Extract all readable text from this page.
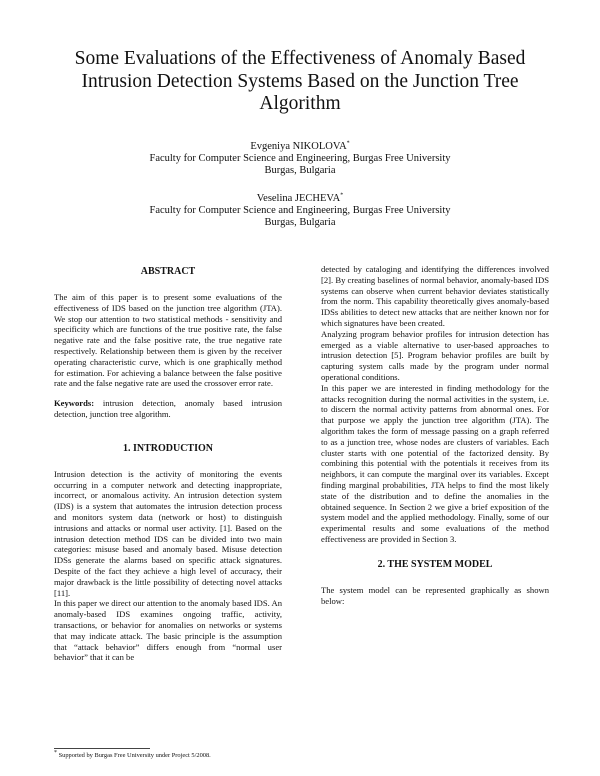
Some Evaluations of the Effectiveness of Anomaly Based Intrusion Detection Systems Based on the Junction Tree Algorithm
Evgeniya NIKOLOVA*
Faculty for Computer Science and Engineering, Burgas Free University
Burgas, Bulgaria
Veselina JECHEVA*
Faculty for Computer Science and Engineering, Burgas Free University
Burgas, Bulgaria
ABSTRACT

The aim of this paper is to present some evaluations of the effectiveness of IDS based on the junction tree algorithm (JTA). We stop our attention to two statistical methods - sensitivity and specificity which are functions of the true positive rate, the false negative rate and the false positive rate, the true negative rate respectively. Relationship between them is given by the receiver operating characteristic curve, which is one graphically method for estimation. For achieving a balance between the false positive rate and the false negative rate are used the crossover error rate.

Keywords: intrusion detection, anomaly based intrusion detection, junction tree algorithm.

1. INTRODUCTION

Intrusion detection is the activity of monitoring the events occurring in a computer network and detecting inappropriate, incorrect, or anomalous activity. An intrusion detection system (IDS) is a system that automates the intrusion detection process and monitors system data (network or host) to distinguish intrusions and attacks or normal user activity. [1]. Based on the intrusion detection method IDS can be divided into two main categories: misuse based and anomaly based. Misuse detection IDSs generate the alarms based on specific attack signatures. Despite of the fact they achieve a high level of accuracy, their major drawback is the little possibility of detecting novel attacks [11].

In this paper we direct our attention to the anomaly based IDS. An anomaly-based IDS examines ongoing traffic, activity, transactions, or behavior for anomalies on networks or systems that may indicate attack. The basic principle is the assumption that “attack behavior” differs enough from “normal user behavior” that it can be

detected by cataloging and identifying the differences involved [2]. By creating baselines of normal behavior, anomaly-based IDS systems can observe when current behavior deviates statistically from the norm. This capability theoretically gives anomaly-based IDSs abilities to detect new attacks that are neither known nor for which signatures have been created.

Analyzing program behavior profiles for intrusion detection has emerged as a viable alternative to user-based approaches to intrusion detection [5]. Program behavior profiles are built by capturing system calls made by the program under normal operational conditions.

In this paper we are interested in finding methodology for the attacks recognition during the normal activities in the system, i.e. to discern the normal activity patterns from abnormal ones. For that purpose we apply the junction tree algorithm (JTA). The algorithm takes the form of message passing on a graph referred to as a junction tree, whose nodes are clusters of variables. Each cluster starts with one potential of the factorized density. By combining this potential with the potentials it receives from its neighbors, it can compute the marginal over its variables. Except finding marginal probabilities, JTA helps to find the most likely state of the distribution and to define the anomalies in the obtained sequence. In Section 2 we give a brief exposition of the system model and the applied methodology. Finally, some of our experimental results and some evaluations of the method effectiveness are provided in Section 3.

2. THE SYSTEM MODEL

The system model can be represented graphically as shown below:

* Supported by Burgas Free University under Project 5/2008.
